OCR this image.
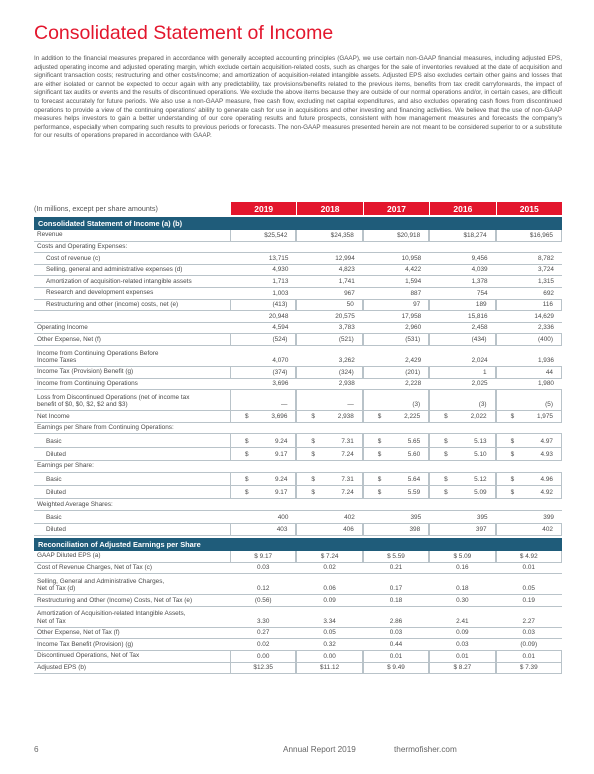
Consolidated Statement of Income
In addition to the financial measures prepared in accordance with generally accepted accounting principles (GAAP), we use certain non-GAAP financial measures, including adjusted EPS, adjusted operating income and adjusted operating margin, which exclude certain acquisition-related costs, such as charges for the sale of inventories revalued at the date of acquisition and significant transaction costs; restructuring and other costs/income; and amortization of acquisition-related intangible assets. Adjusted EPS also excludes certain other gains and losses that are either isolated or cannot be expected to occur again with any predictability, tax provisions/benefits related to the previous items, benefits from tax credit carryforwards, the impact of significant tax audits or events and the results of discontinued operations. We exclude the above items because they are outside of our normal operations and/or, in certain cases, are difficult to forecast accurately for future periods. We also use a non-GAAP measure, free cash flow, excluding net capital expenditures, and also excludes operating cash flows from discontinued operations to provide a view of the continuing operations' ability to generate cash for use in acquisitions and other investing and financing activities. We believe that the use of non-GAAP measures helps investors to gain a better understanding of our core operating results and future prospects, consistent with how management measures and forecasts the company's performance, especially when comparing such results to previous periods or forecasts. The non-GAAP measures presented herein are not meant to be considered superior to or a substitute for our results of operations prepared in accordance with GAAP.
(In millions, except per share amounts)	2019	2018	2017	2016	2015
Consolidated Statement of Income (a) (b)
Revenue	$25,542	$24,358	$20,918	$18,274	$16,965
Costs and Operating Expenses:
Cost of revenue (c)	13,715	12,994	10,958	9,456	8,782
Selling, general and administrative expenses (d)	4,930	4,823	4,422	4,039	3,724
Amortization of acquisition-related intangible assets	1,713	1,741	1,594	1,378	1,315
Research and development expenses	1,003	967	887	754	692
Restructuring and other (income) costs, net (e)	(413)	50	97	189	116
20,948	20,575	17,958	15,816	14,629
Operating Income	4,594	3,783	2,960	2,458	2,336
Other Expense, Net (f)	(524)	(521)	(531)	(434)	(400)
Income from Continuing Operations Before
Income Taxes	4,070	3,262	2,429	2,024	1,936
Income Tax (Provision) Benefit (g)	(374)	(324)	(201)	1	44
Income from Continuing Operations	3,696	2,938	2,228	2,025	1,980
Loss from Discontinued Operations (net of income tax
benefit of $0, $0, $2, $2 and $3)	—	—	(3)	(3)	(5)
Net Income	$	3,696	$	2,938	$	2,225	$	2,022	$	1,975
Earnings per Share from Continuing Operations:
Basic	$	9.24	$	7.31	$	5.65	$	5.13	$	4.97
Diluted	$	9.17	$	7.24	$	5.60	$	5.10	$	4.93
Earnings per Share:
Basic	$	9.24	$	7.31	$	5.64	$	5.12	$	4.96
Diluted	$	9.17	$	7.24	$	5.59	$	5.09	$	4.92
Weighted Average Shares:
Basic	400	402	395	395	399
Diluted	403	406	398	397	402
Reconciliation of Adjusted Earnings per Share
GAAP Diluted EPS (a)	$ 9.17	$ 7.24	$ 5.59	$ 5.09	$ 4.92
Cost of Revenue Charges, Net of Tax (c)	0.03	0.02	0.21	0.16	0.01
Selling, General and Administrative Charges,
Net of Tax (d)	0.12	0.06	0.17	0.18	0.05
Restructuring and Other (Income) Costs, Net of Tax (e)	(0.56)	0.09	0.18	0.30	0.19
Amortization of Acquisition-related Intangible Assets,
Net of Tax	3.30	3.34	2.86	2.41	2.27
Other Expense, Net of Tax (f)	0.27	0.05	0.03	0.09	0.03
Income Tax Benefit (Provision) (g)	0.02	0.32	0.44	0.03	(0.09)
Discontinued Operations, Net of Tax	0.00	0.00	0.01	0.01	0.01
Adjusted EPS (b)	$12.35	$11.12	$ 9.49	$ 8.27	$ 7.39
6	Annual Report 2019	thermofisher.com
